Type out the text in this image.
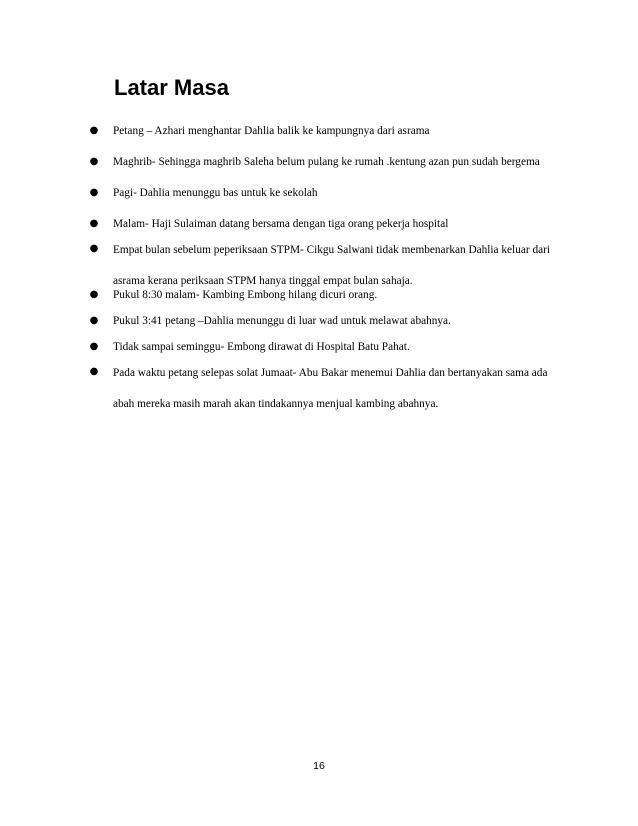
Latar Masa
● Petang – Azhari menghantar Dahlia balik ke kampungnya dari asrama
● Maghrib- Sehingga maghrib Saleha belum pulang ke rumah .kentung azan pun sudah bergema
● Pagi- Dahlia menunggu bas untuk ke sekolah
● Malam- Haji Sulaiman datang bersama dengan tiga orang pekerja hospital
● Empat bulan sebelum peperiksaan STPM- Cikgu Salwani tidak membenarkan Dahlia keluar dari
asrama kerana periksaan STPM hanya tinggal empat bulan sahaja.
● Pukul 8:30 malam- Kambing Embong hilang dicuri orang.
● Pukul 3:41 petang –Dahlia menunggu di luar wad untuk melawat abahnya.
● Tidak sampai seminggu- Embong dirawat di Hospital Batu Pahat.
● Pada waktu petang selepas solat Jumaat- Abu Bakar menemui Dahlia dan bertanyakan sama ada
abah mereka masih marah akan tindakannya menjual kambing abahnya.
16
